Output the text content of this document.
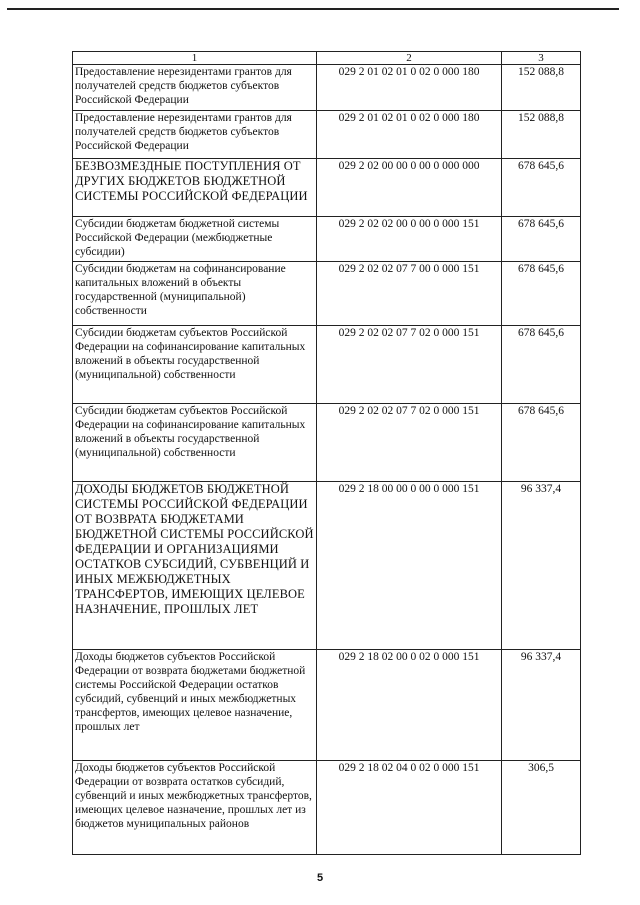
1	2	3
Предоставление нерезидентами грантов для получателей средств бюджетов субъектов Российской Федерации	029 2 01 02 01 0 02 0 000 180	152 088,8
Предоставление нерезидентами грантов для получателей средств бюджетов субъектов Российской Федерации	029 2 01 02 01 0 02 0 000 180	152 088,8
БЕЗВОЗМЕЗДНЫЕ ПОСТУПЛЕНИЯ ОТ ДРУГИХ БЮДЖЕТОВ БЮДЖЕТНОЙ СИСТЕМЫ РОССИЙСКОЙ ФЕДЕРАЦИИ	029 2 02 00 00 0 00 0 000 000	678 645,6
Субсидии бюджетам бюджетной системы Российской Федерации (межбюджетные субсидии)	029 2 02 02 00 0 00 0 000 151	678 645,6
Субсидии бюджетам на софинансирование капитальных вложений в объекты государственной (муниципальной) собственности	029 2 02 02 07 7 00 0 000 151	678 645,6
Субсидии бюджетам субъектов Российской Федерации на софинансирование капитальных вложений в объекты государственной (муниципальной) собственности	029 2 02 02 07 7 02 0 000 151	678 645,6
Субсидии бюджетам субъектов Российской Федерации на софинансирование капитальных вложений в объекты государственной (муниципальной) собственности	029 2 02 02 07 7 02 0 000 151	678 645,6
ДОХОДЫ БЮДЖЕТОВ БЮДЖЕТНОЙ СИСТЕМЫ РОССИЙСКОЙ ФЕДЕРАЦИИ ОТ ВОЗВРАТА БЮДЖЕТАМИ БЮДЖЕТНОЙ СИСТЕМЫ РОССИЙСКОЙ ФЕДЕРАЦИИ И ОРГАНИЗАЦИЯМИ ОСТАТКОВ СУБСИДИЙ, СУБВЕНЦИЙ И ИНЫХ МЕЖБЮДЖЕТНЫХ ТРАНСФЕРТОВ, ИМЕЮЩИХ ЦЕЛЕВОЕ НАЗНАЧЕНИЕ, ПРОШЛЫХ ЛЕТ	029 2 18 00 00 0 00 0 000 151	96 337,4
Доходы бюджетов субъектов Российской Федерации от возврата бюджетами бюджетной системы Российской Федерации остатков субсидий, субвенций и иных межбюджетных трансфертов, имеющих целевое назначение, прошлых лет	029 2 18 02 00 0 02 0 000 151	96 337,4
Доходы бюджетов субъектов Российской Федерации от возврата остатков субсидий, субвенций и иных межбюджетных трансфертов, имеющих целевое назначение, прошлых лет из бюджетов муниципальных районов	029 2 18 02 04 0 02 0 000 151	306,5
5
